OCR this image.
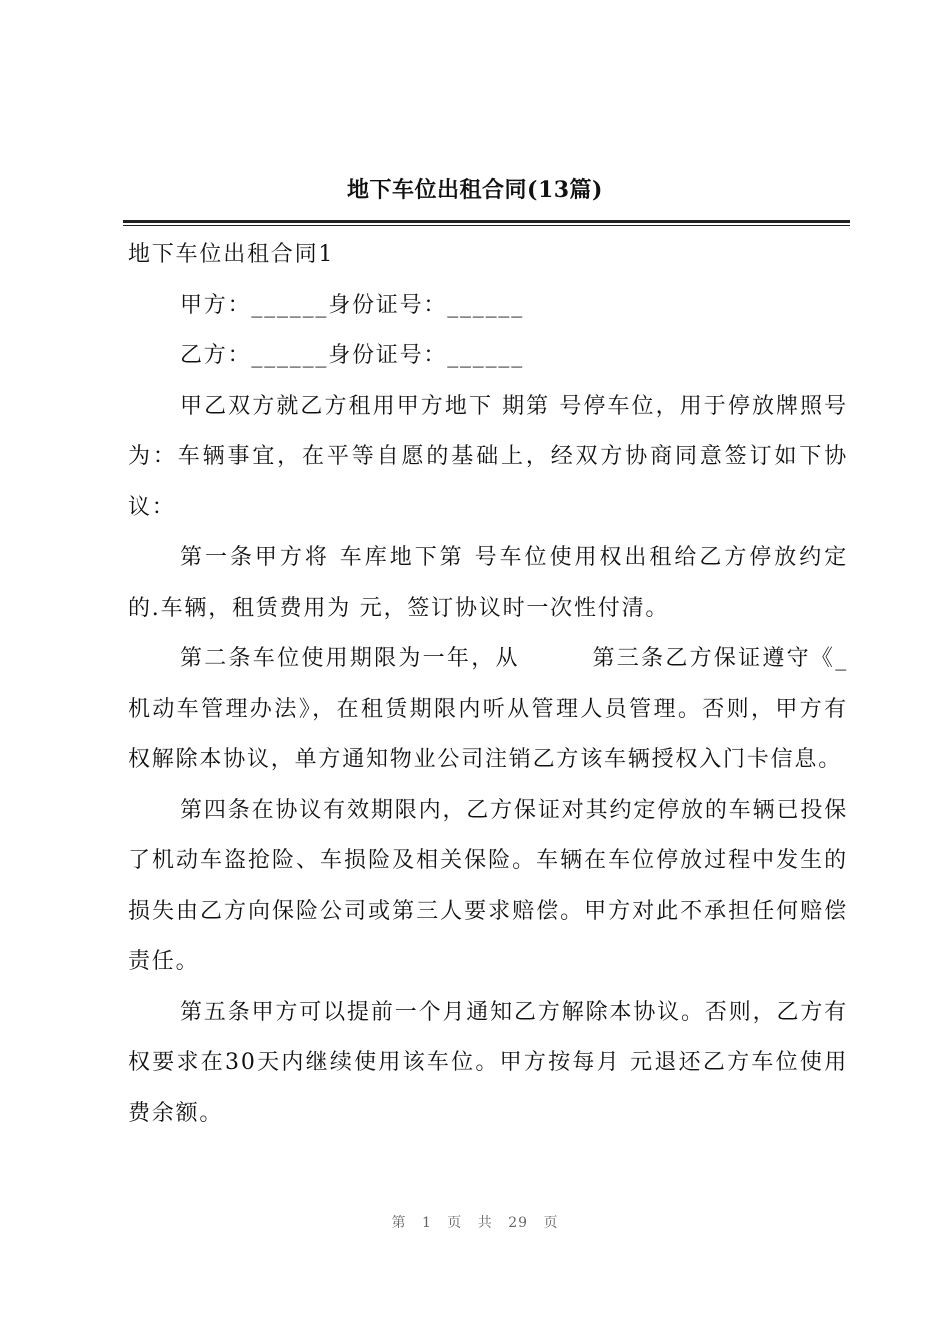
地下车位出租合同(13篇)

地下车位出租合同1

甲方：______身份证号：______

乙方：______身份证号：______

甲乙双方就乙方租用甲方地下 期第 号停车位，用于停放牌照号为：车辆事宜，在平等自愿的基础上，经双方协商同意签订如下协议：

第一条甲方将 车库地下第 号车位使用权出租给乙方停放约定的.车辆，租赁费用为 元，签订协议时一次性付清。

第二条车位使用期限为一年，从　　　第三条乙方保证遵守《_机动车管理办法》，在租赁期限内听从管理人员管理。否则，甲方有权解除本协议，单方通知物业公司注销乙方该车辆授权入门卡信息。

第四条在协议有效期限内，乙方保证对其约定停放的车辆已投保了机动车盗抢险、车损险及相关保险。车辆在车位停放过程中发生的损失由乙方向保险公司或第三人要求赔偿。甲方对此不承担任何赔偿责任。

第五条甲方可以提前一个月通知乙方解除本协议。否则，乙方有权要求在30天内继续使用该车位。甲方按每月 元退还乙方车位使用费余额。

第 1 页 共 29 页
